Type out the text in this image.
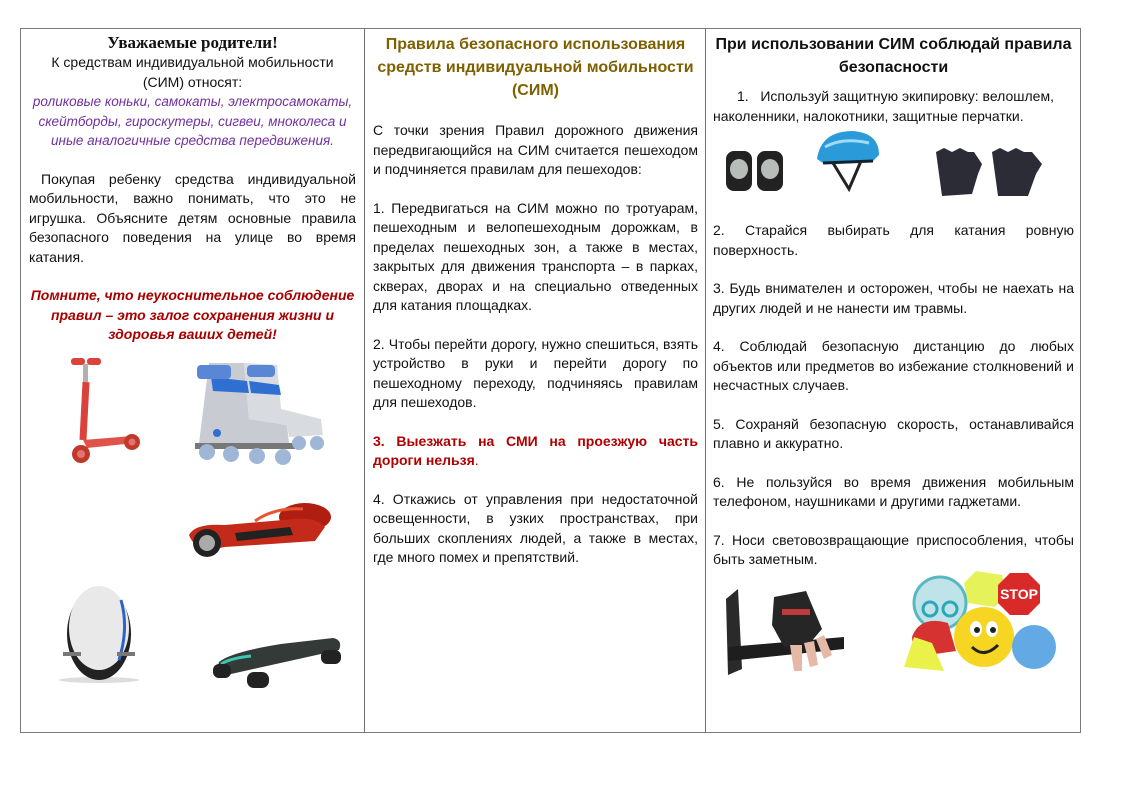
Уважаемые родители!

К средствам индивидуальной мобильности

(СИМ) относят:

роликовые коньки, самокаты, электросамокаты, скейтборды, гироскутеры, сигвеи, мноколеса и иные аналогичные средства передвижения.

Покупая ребенку средства индивидуальной мобильности, важно понимать, что это не игрушка. Объясните детям основные правила безопасного поведения на улице во время катания.

Помните, что неукоснительное соблюдение правил – это залог сохранения жизни и здоровья ваших детей!

Правила безопасного использования средств индивидуальной мобильности (СИМ)

С точки зрения Правил дорожного движения передвигающийся на СИМ считается пешеходом и подчиняется правилам для пешеходов:

1. Передвигаться на СИМ можно по тротуарам, пешеходным и велопешеходным дорожкам, в пределах пешеходных зон, а также в местах, закрытых для движения транспорта – в парках, скверах, дворах и на специально отведенных для катания площадках.

2. Чтобы перейти дорогу, нужно спешиться, взять устройство в руки и перейти дорогу по пешеходному переходу, подчиняясь правилам для пешеходов.

3. Выезжать на СМИ на проезжую часть дороги нельзя.

4. Откажись от управления при недостаточной освещенности, в узких пространствах, при больших скоплениях людей, а также в местах, где много помех и препятствий.

При использовании СИМ соблюдай правила безопасности

1.   Используй защитную экипировку: велошлем, наколенники, налокотники, защитные перчатки.

2. Старайся выбирать для катания ровную поверхность.

3. Будь внимателен и осторожен, чтобы не наехать на других людей и не нанести им травмы.

4. Соблюдай безопасную дистанцию до любых объектов или предметов во избежание столкновений и несчастных случаев.

5. Сохраняй безопасную скорость, останавливайся плавно и аккуратно.

6. Не пользуйся во время движения мобильным телефоном, наушниками и другими гаджетами.

7. Носи световозвращающие приспособления, чтобы быть заметным.

STOP
